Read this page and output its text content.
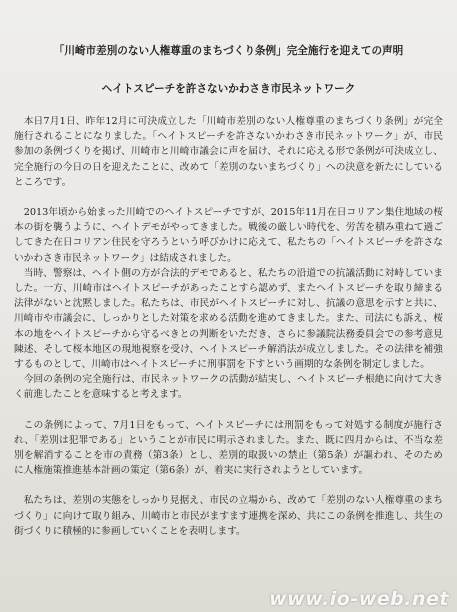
「川崎市差別のない人権尊重のまちづくり条例」完全施行を迎えての声明
ヘイトスピーチを許さないかわさき市民ネットワーク

本日7月1日、昨年12月に可決成立した「川崎市差別のない人権尊重のまちづくり条例」が完全施行されることになりました。「ヘイトスピーチを許さないかわさき市民ネットワーク」が、市民参加の条例づくりを掲げ、川崎市と川崎市議会に声を届け、それに応える形で条例が可決成立し、完全施行の今日の日を迎えたことに、改めて「差別のないまちづくり」への決意を新たにしているところです。

2013年頃から始まった川崎でのヘイトスピーチですが、2015年11月在日コリアン集住地域の桜本の街を襲うように、ヘイトデモがやってきました。戦後の厳しい時代を、労苦を積み重ねて過ごしてきた在日コリアン住民を守ろうという呼びかけに応えて、私たちの「ヘイトスピーチを許さないかわさき市民ネットワーク」は結成されました。

当時、警察は、ヘイト側の方が合法的デモであると、私たちの沿道での抗議活動に対峙していました。一方、川崎市はヘイトスピーチがあったことすら認めず、またヘイトスピーチを取り締まる法律がないと沈黙しました。私たちは、市民がヘイトスピーチに対し、抗議の意思を示すと共に、川崎市や市議会に、しっかりとした対策を求める活動を進めてきました。また、司法にも訴え、桜本の地をヘイトスピーチから守るべきとの判断をいただき、さらに参議院法務委員会での参考意見陳述、そして桜本地区の現地視察を受け、ヘイトスピーチ解消法が成立しました。その法律を補強するものとして、川崎市はヘイトスピーチに刑事罰を下すという画期的な条例を制定しました。

今回の条例の完全施行は、市民ネットワークの活動が結実し、ヘイトスピーチ根絶に向けて大きく前進したことを意味すると考えます。

この条例によって、7月1日をもって、ヘイトスピーチには刑罰をもって対処する制度が施行され、「差別は犯罪である」ということが市民に明示されました。また、既に四月からは、不当な差別を解消することを市の責務（第3条）とし、差別的取扱いの禁止（第5条）が謳われ、そのために人権施策推進基本計画の策定（第6条）が、着実に実行されようとしています。

私たちは、差別の実態をしっかり見据え、市民の立場から、改めて「差別のない人権尊重のまちづくり」に向けて取り組み、川崎市と市民がますます連携を深め、共にこの条例を推進し、共生の街づくりに積極的に参画していくことを表明します。

www.io-web.net
